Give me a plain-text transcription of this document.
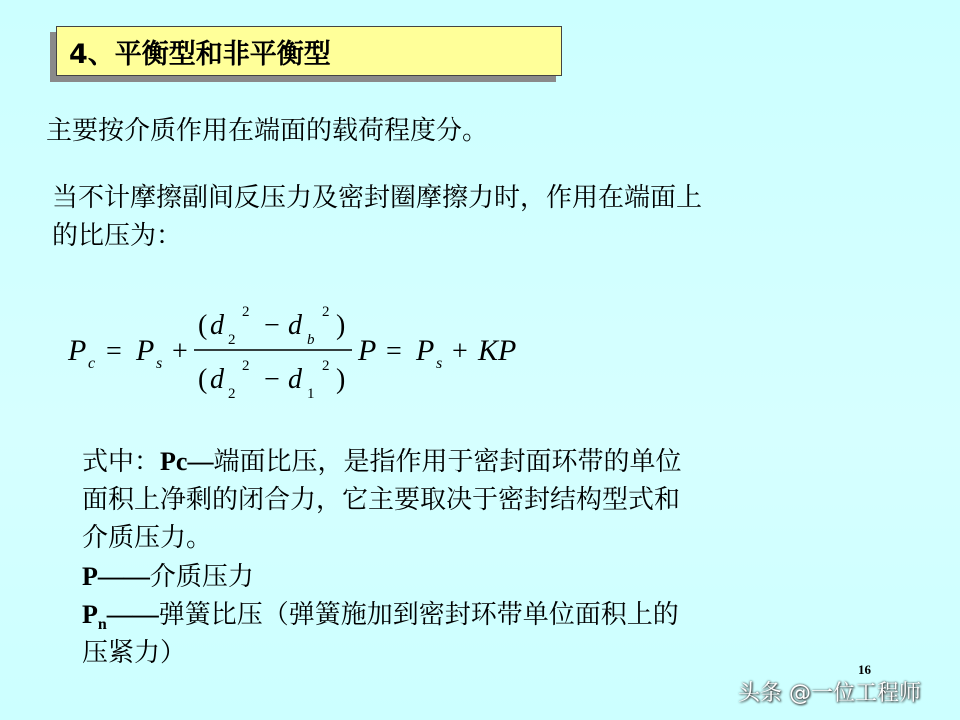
4、平衡型和非平衡型
主要按介质作用在端面的载荷程度分。
当不计摩擦副间反压力及密封圈摩擦力时，作用在端面上
的比压为：
P c = P s +
( d 2
2 − d b
2 )
( d 2
2 − d 1
2 )
P = P s + KP
式中：Pc—端面比压，是指作用于密封面环带的单位
面积上净剩的闭合力，它主要取决于密封结构型式和
介质压力。
P——介质压力
$P_n——$弹簧比压（弹簧施加到密封环带单位面积上的
压紧力）
16
头条 @一位工程师
